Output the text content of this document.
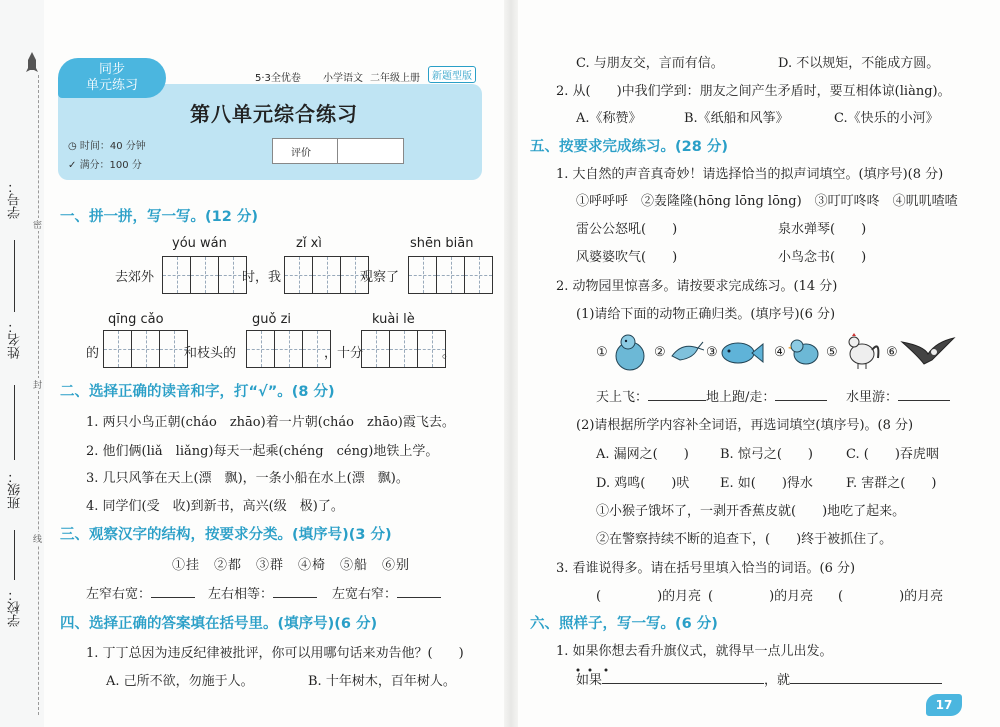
学校：
班级：
姓名：
学号：
密
封
线
同步
单元练习	5·3全优卷 小学语文 二年级上册	新题型版
第八单元综合练习
◷ 时间：40 分钟
✓ 满分：100 分
评价
一、拼一拼，写一写。(12 分)
yóu wán	zǐ xì	shēn biān
去郊外	时，我	观察了
qīng cǎo	guǒ zi	kuài lè
的	和枝头的	，十分	。
二、选择正确的读音和字，打“√”。(8 分)
1. 两只小鸟正朝(cháo　zhāo)着一片朝(cháo　zhāo)霞飞去。
2. 他们俩(liǎ　liǎng)每天一起乘(chéng　céng)地铁上学。
3. 几只风筝在天上(漂　飘)，一条小船在水上(漂　飘)。
4. 同学们(受　收)到新书，高兴(级　极)了。
三、观察汉字的结构，按要求分类。(填序号)(3 分)
①挂　②都　③群　④椅　⑤船　⑥别
左窄右宽：	左右相等：	左宽右窄：
四、选择正确的答案填在括号里。(填序号)(6 分)
1. 丁丁总因为违反纪律被批评，你可以用哪句话来劝告他？(　　)
A. 己所不欲，勿施于人。	B. 十年树木，百年树人。
C. 与朋友交，言而有信。	D. 不以规矩，不能成方圆。
2. 从(　　)中我们学到：朋友之间产生矛盾时，要互相体谅(liàng)。
A.《称赞》	B.《纸船和风筝》	C.《快乐的小河》
五、按要求完成练习。(28 分)
1. 大自然的声音真奇妙！请选择恰当的拟声词填空。(填序号)(8 分)
①呼呼呼　②轰隆隆(hōng lōng lōng)　③叮叮咚咚　④叽叽喳喳
雷公公怒吼(　　)	泉水弹琴(　　)
风婆婆吹气(　　)	小鸟念书(　　)
2. 动物园里惊喜多。请按要求完成练习。(14 分)
(1)请给下面的动物正确归类。(填序号)(6 分)
①	②	③	④	⑤	⑥
天上飞：	地上跑/走：	水里游：
(2)请根据所学内容补全词语，再选词填空(填序号)。(8 分)
A. 漏网之(　　) B. 惊弓之(　　)	C. (　　)吞虎咽
D. 鸡鸣(　　)吠 E. 如(　　)得水	F. 害群之(　　)
①小猴子饿坏了，一剥开香蕉皮就(　　)地吃了起来。
②在警察持续不断的追查下，(　　)终于被抓住了。
3. 看谁说得多。请在括号里填入恰当的词语。(6 分)
(	)的月亮 (	)的月亮 (	)的月亮
六、照样子，写一写。(6 分)
1. 如果你想去看升旗仪式，就得早一点儿出发。
如果	，就
17
